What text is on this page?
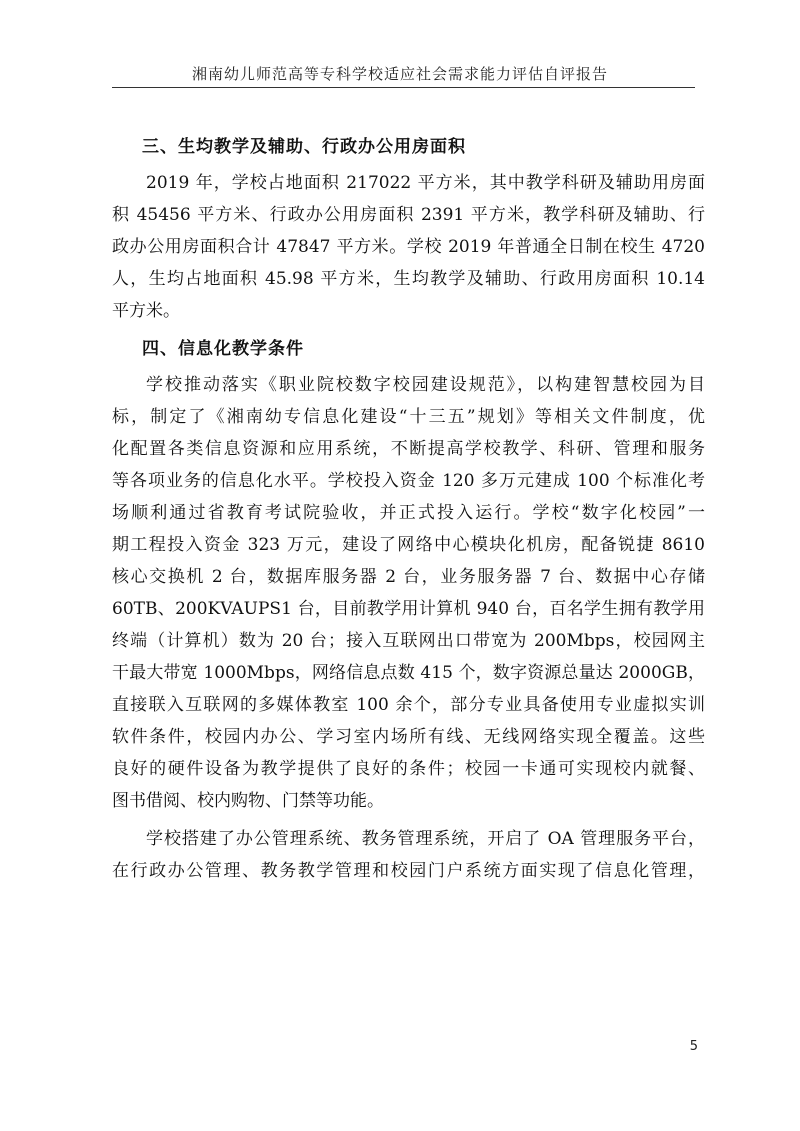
湘南幼儿师范高等专科学校适应社会需求能力评估自评报告
三、生均教学及辅助、行政办公用房面积
2019 年，学校占地面积 217022 平方米，其中教学科研及辅助用房面
积 45456 平方米、行政办公用房面积 2391 平方米，教学科研及辅助、行
政办公用房面积合计 47847 平方米。学校 2019 年普通全日制在校生 4720
人，生均占地面积 45.98 平方米，生均教学及辅助、行政用房面积 10.14
平方米。
四、信息化教学条件
学校推动落实《职业院校数字校园建设规范》，以构建智慧校园为目
标，制定了《湘南幼专信息化建设“十三五”规划》等相关文件制度，优
化配置各类信息资源和应用系统，不断提高学校教学、科研、管理和服务
等各项业务的信息化水平。学校投入资金 120 多万元建成 100 个标准化考
场顺利通过省教育考试院验收，并正式投入运行。学校“数字化校园”一
期工程投入资金 323 万元，建设了网络中心模块化机房，配备锐捷 8610
核心交换机 2 台，数据库服务器 2 台，业务服务器 7 台、数据中心存储
60TB、200KVAUPS1 台，目前教学用计算机 940 台，百名学生拥有教学用
终端（计算机）数为 20 台；接入互联网出口带宽为 200Mbps，校园网主
干最大带宽 1000Mbps，网络信息点数 415 个，数字资源总量达 2000GB，
直接联入互联网的多媒体教室 100 余个，部分专业具备使用专业虚拟实训
软件条件，校园内办公、学习室内场所有线、无线网络实现全覆盖。这些
良好的硬件设备为教学提供了良好的条件；校园一卡通可实现校内就餐、
图书借阅、校内购物、门禁等功能。
学校搭建了办公管理系统、教务管理系统，开启了 OA 管理服务平台，
在行政办公管理、教务教学管理和校园门户系统方面实现了信息化管理，
5
